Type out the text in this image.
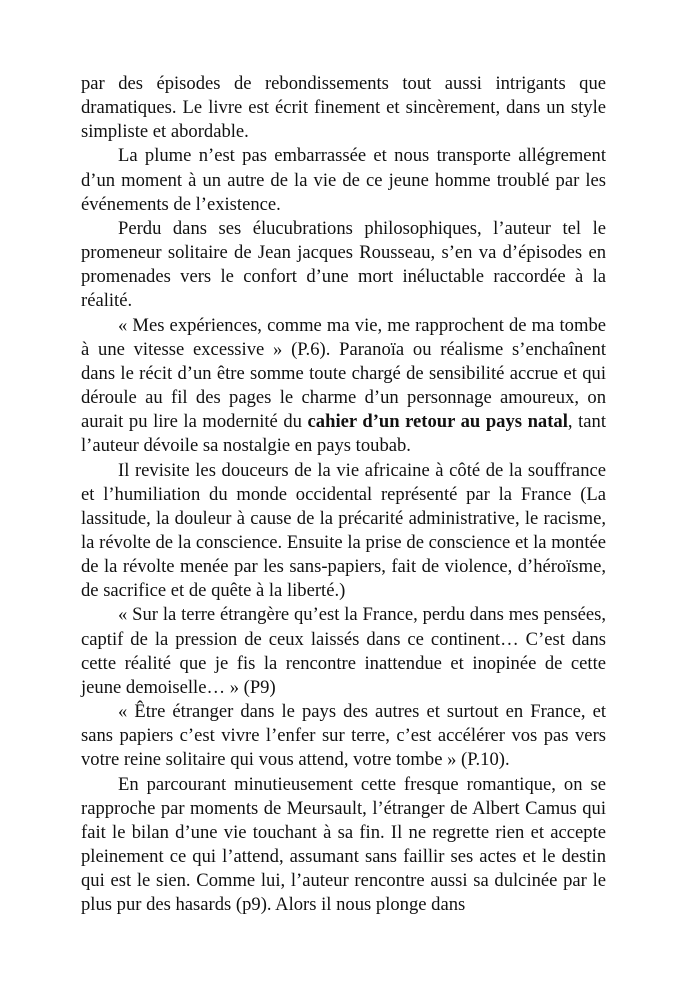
par des épisodes de rebondissements tout aussi intrigants que dramatiques. Le livre est écrit finement et sincèrement, dans un style simpliste et abordable.

La plume n’est pas embarrassée et nous transporte allégrement d’un moment à un autre de la vie de ce jeune homme troublé par les événements de l’existence.

Perdu dans ses élucubrations philosophiques, l’auteur tel le promeneur solitaire de Jean jacques Rousseau, s’en va d’épisodes en promenades vers le confort d’une mort inéluctable raccordée à la réalité.

« Mes expériences, comme ma vie, me rapprochent de ma tombe à une vitesse excessive » (P.6). Paranoïa ou réalisme s’enchaînent dans le récit d’un être somme toute chargé de sensibilité accrue et qui déroule au fil des pages le charme d’un personnage amoureux, on aurait pu lire la modernité du cahier d’un retour au pays natal, tant l’auteur dévoile sa nostalgie en pays toubab.

Il revisite les douceurs de la vie africaine à côté de la souffrance et l’humiliation du monde occidental représenté par la France (La lassitude, la douleur à cause de la précarité administrative, le racisme, la révolte de la conscience. Ensuite la prise de conscience et la montée de la révolte menée par les sans-papiers, fait de violence, d’héroïsme, de sacrifice et de quête à la liberté.)

« Sur la terre étrangère qu’est la France, perdu dans mes pensées, captif de la pression de ceux laissés dans ce continent… C’est dans cette réalité que je fis la rencontre inattendue et inopinée de cette jeune demoiselle… » (P9)

« Être étranger dans le pays des autres et surtout en France, et sans papiers c’est vivre l’enfer sur terre, c’est accélérer vos pas vers votre reine solitaire qui vous attend, votre tombe » (P.10).

En parcourant minutieusement cette fresque romantique, on se rapproche par moments de Meursault, l’étranger de Albert Camus qui fait le bilan d’une vie touchant à sa fin. Il ne regrette rien et accepte pleinement ce qui l’attend, assumant sans faillir ses actes et le destin qui est le sien. Comme lui, l’auteur rencontre aussi sa dulcinée par le plus pur des hasards (p9). Alors il nous plonge dans
